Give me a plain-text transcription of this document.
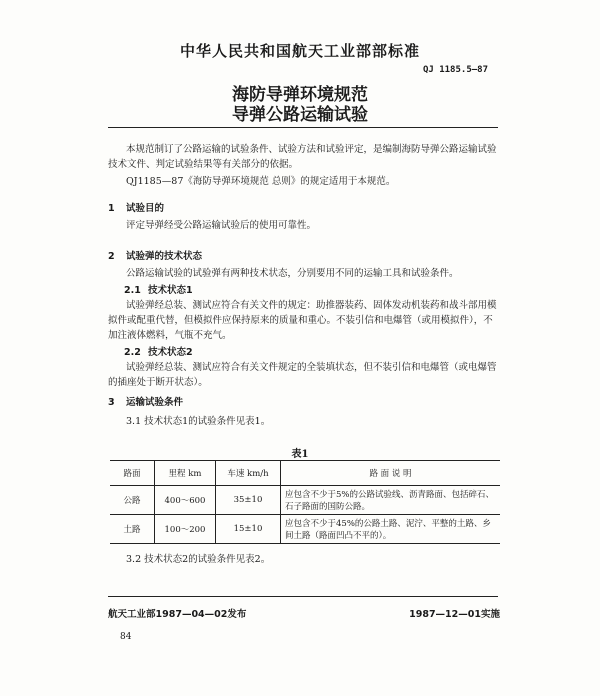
中华人民共和国航天工业部部标准
QJ 1185.5—87
海防导弹环境规范
导弹公路运输试验
本规范制订了公路运输的试验条件、试验方法和试验评定，是编制海防导弹公路运输试验技术文件、判定试验结果等有关部分的依据。
QJ1185—87《海防导弹环境规范 总则》的规定适用于本规范。
1 试验目的
评定导弹经受公路运输试验后的使用可靠性。
2 试验弹的技术状态
公路运输试验的试验弹有两种技术状态，分别要用不同的运输工具和试验条件。
2.1 技术状态1
试验弹经总装、测试应符合有关文件的规定：助推器装药、固体发动机装药和战斗部用模拟件或配重代替，但模拟件应保持原来的质量和重心。不装引信和电爆管（或用模拟件），不加注液体燃料，气瓶不充气。
2.2 技术状态2
试验弹经总装、测试应符合有关文件规定的全装填状态，但不装引信和电爆管（或电爆管的插座处于断开状态）。
3 运输试验条件
3.1 技术状态1的试验条件见表1。
表1
路面	里程 km	车速 km/h	路 面 说 明
公路	400～600	35±10	应包含不少于5%的公路试验线、沥青路面、包括碎石、石子路面的国防公路。
土路	100～200	15±10	应包含不少于45%的公路土路、泥泞、平整的土路、乡间土路（路面凹凸不平的）。
3.2 技术状态2的试验条件见表2。
航天工业部1987—04—02发布	1987—12—01实施
84
